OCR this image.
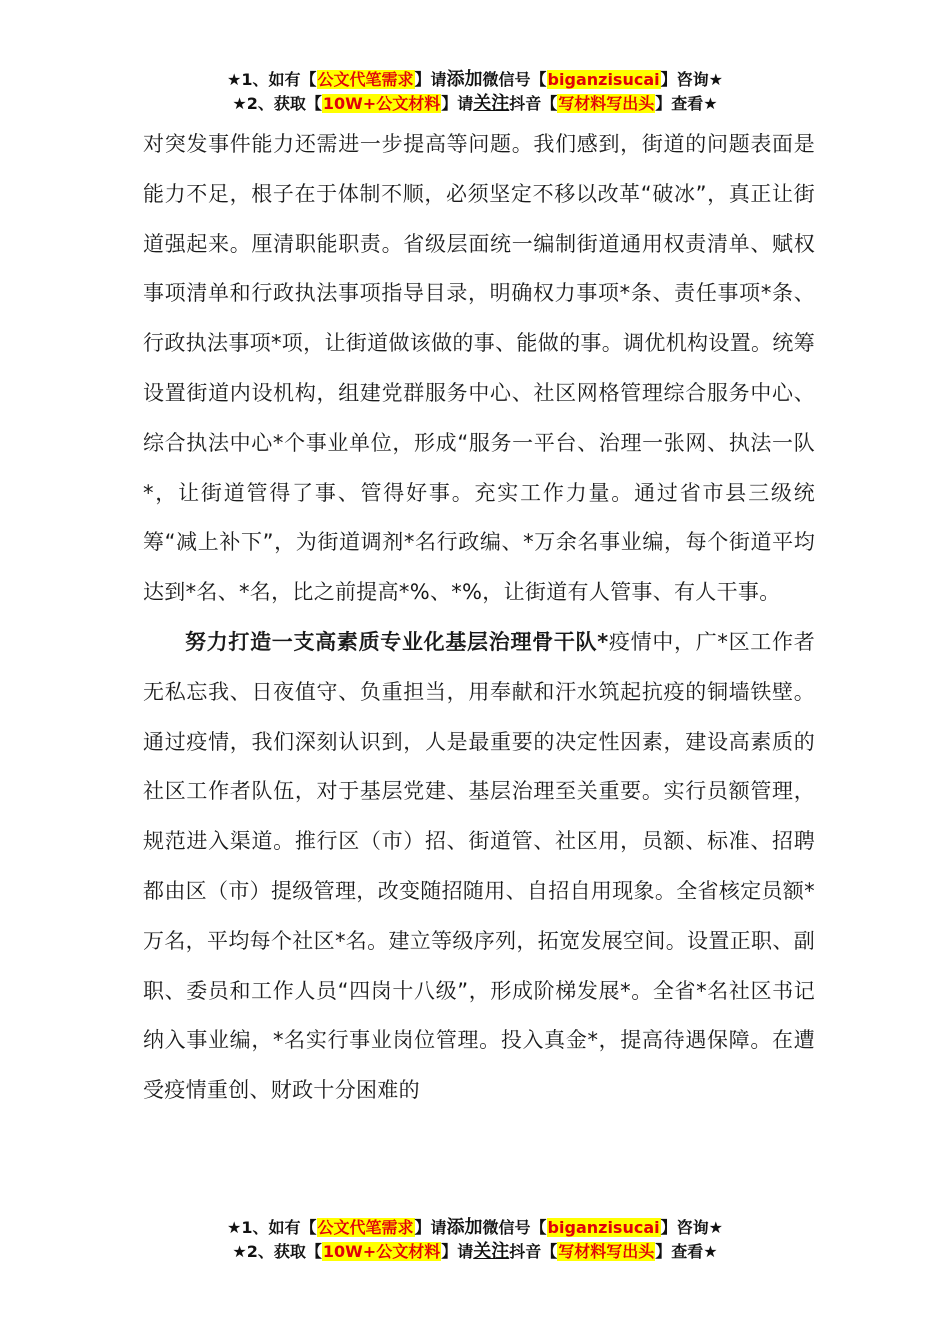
★1、如有【公文代笔需求】请添加微信号【biganzisucai】咨询★
★2、获取【10W+公文材料】请关注抖音【写材料写出头】查看★

对突发事件能力还需进一步提高等问题。我们感到，街道的问题表面是能力不足，根子在于体制不顺，必须坚定不移以改革“破冰”，真正让街道强起来。厘清职能职责。省级层面统一编制街道通用权责清单、赋权事项清单和行政执法事项指导目录，明确权力事项*条、责任事项*条、行政执法事项*项，让街道做该做的事、能做的事。调优机构设置。统筹设置街道内设机构，组建党群服务中心、社区网格管理综合服务中心、综合执法中心*个事业单位，形成“服务一平台、治理一张网、执法一队*，让街道管得了事、管得好事。充实工作力量。通过省市县三级统筹“减上补下”，为街道调剂*名行政编、*万余名事业编，每个街道平均达到*名、*名，比之前提高*%、*%，让街道有人管事、有人干事。

努力打造一支高素质专业化基层治理骨干队*疫情中，广*区工作者无私忘我、日夜值守、负重担当，用奉献和汗水筑起抗疫的铜墙铁壁。通过疫情，我们深刻认识到，人是最重要的决定性因素，建设高素质的社区工作者队伍，对于基层党建、基层治理至关重要。实行员额管理，规范进入渠道。推行区（市）招、街道管、社区用，员额、标准、招聘都由区（市）提级管理，改变随招随用、自招自用现象。全省核定员额*万名，平均每个社区*名。建立等级序列，拓宽发展空间。设置正职、副职、委员和工作人员“四岗十八级”，形成阶梯发展*。全省*名社区书记纳入事业编，*名实行事业岗位管理。投入真金*，提高待遇保障。在遭受疫情重创、财政十分困难的

★1、如有【公文代笔需求】请添加微信号【biganzisucai】咨询★
★2、获取【10W+公文材料】请关注抖音【写材料写出头】查看★
